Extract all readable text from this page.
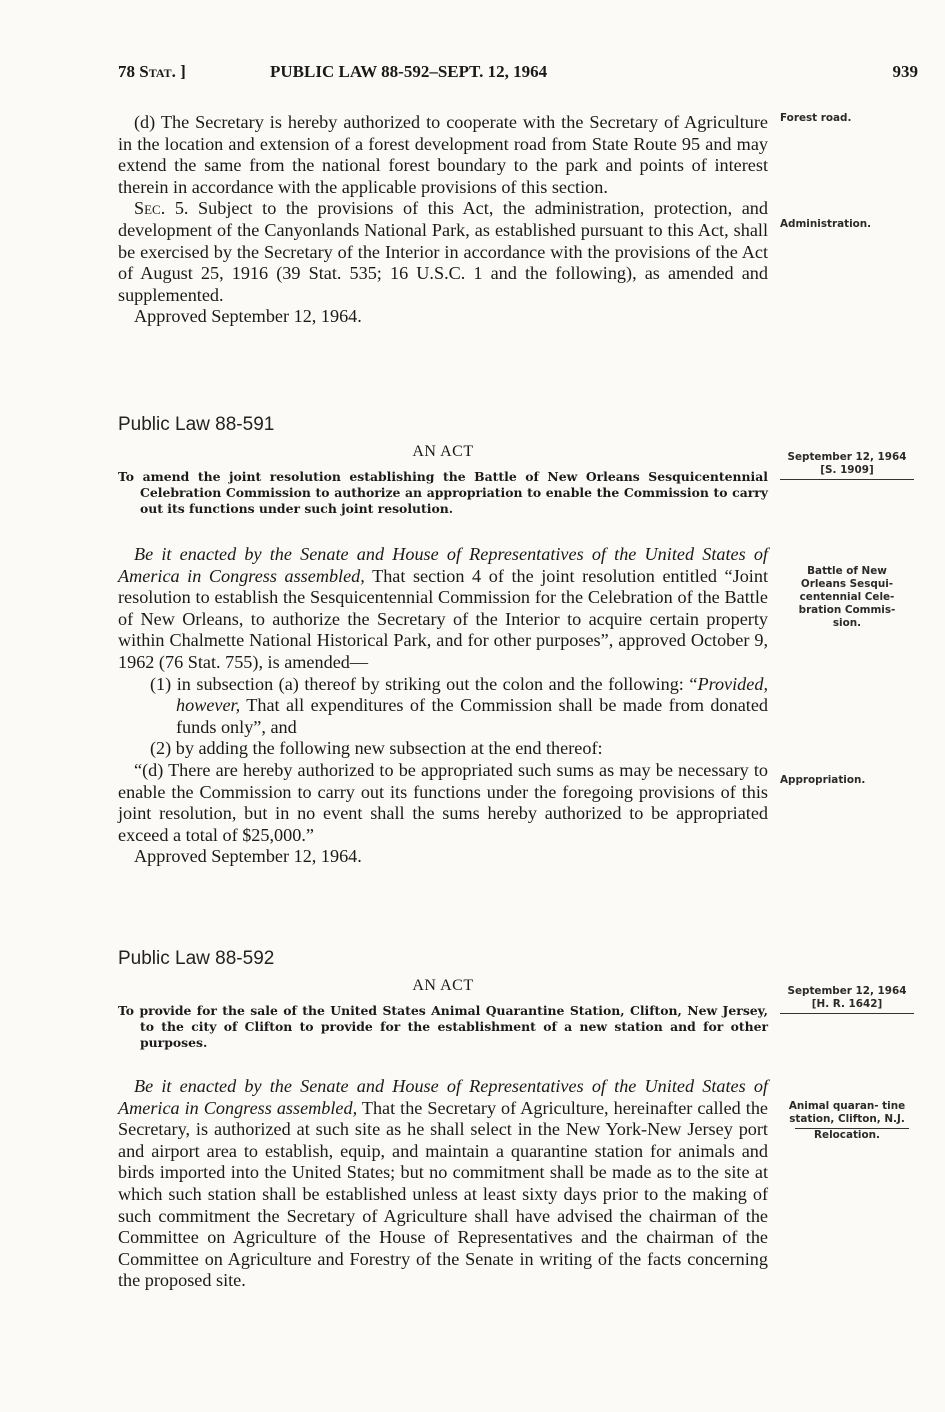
78 Stat. ]	PUBLIC LAW 88-592–SEPT. 12, 1964	939
Forest road.
Administration.
September 12, 1964
[S. 1909]
Battle of New Orleans Sesqui- centennial Cele- bration Commis- sion.
Appropriation.
September 12, 1964
[H. R. 1642]
Animal quaran- tine station, Clifton, N.J.
Relocation.

(d) The Secretary is hereby authorized to cooperate with the Secretary of Agriculture in the location and extension of a forest development road from State Route 95 and may extend the same from the national forest boundary to the park and points of interest therein in accordance with the applicable provisions of this section.

Sec. 5. Subject to the provisions of this Act, the administration, protection, and development of the Canyonlands National Park, as established pursuant to this Act, shall be exercised by the Secretary of the Interior in accordance with the provisions of the Act of August 25, 1916 (39 Stat. 535; 16 U.S.C. 1 and the following), as amended and supplemented.

Approved September 12, 1964.

Public Law 88-591
AN ACT

To amend the joint resolution establishing the Battle of New Orleans Sesquicentennial Celebration Commission to authorize an appropriation to enable the Commission to carry out its functions under such joint resolution.

Be it enacted by the Senate and House of Representatives of the United States of America in Congress assembled, That section 4 of the joint resolution entitled “Joint resolution to establish the Sesquicentennial Commission for the Celebration of the Battle of New Orleans, to authorize the Secretary of the Interior to acquire certain property within Chalmette National Historical Park, and for other purposes”, approved October 9, 1962 (76 Stat. 755), is amended—

(1) in subsection (a) thereof by striking out the colon and the following: “Provided, however, That all expenditures of the Commission shall be made from donated funds only”, and

(2) by adding the following new subsection at the end thereof:

“(d) There are hereby authorized to be appropriated such sums as may be necessary to enable the Commission to carry out its functions under the foregoing provisions of this joint resolution, but in no event shall the sums hereby authorized to be appropriated exceed a total of $25,000.”

Approved September 12, 1964.

Public Law 88-592
AN ACT

To provide for the sale of the United States Animal Quarantine Station, Clifton, New Jersey, to the city of Clifton to provide for the establishment of a new station and for other purposes.

Be it enacted by the Senate and House of Representatives of the United States of America in Congress assembled, That the Secretary of Agriculture, hereinafter called the Secretary, is authorized at such site as he shall select in the New York-New Jersey port and airport area to establish, equip, and maintain a quarantine station for animals and birds imported into the United States; but no commitment shall be made as to the site at which such station shall be established unless at least sixty days prior to the making of such commitment the Secretary of Agriculture shall have advised the chairman of the Committee on Agriculture of the House of Representatives and the chairman of the Committee on Agriculture and Forestry of the Senate in writing of the facts concerning the proposed site.
